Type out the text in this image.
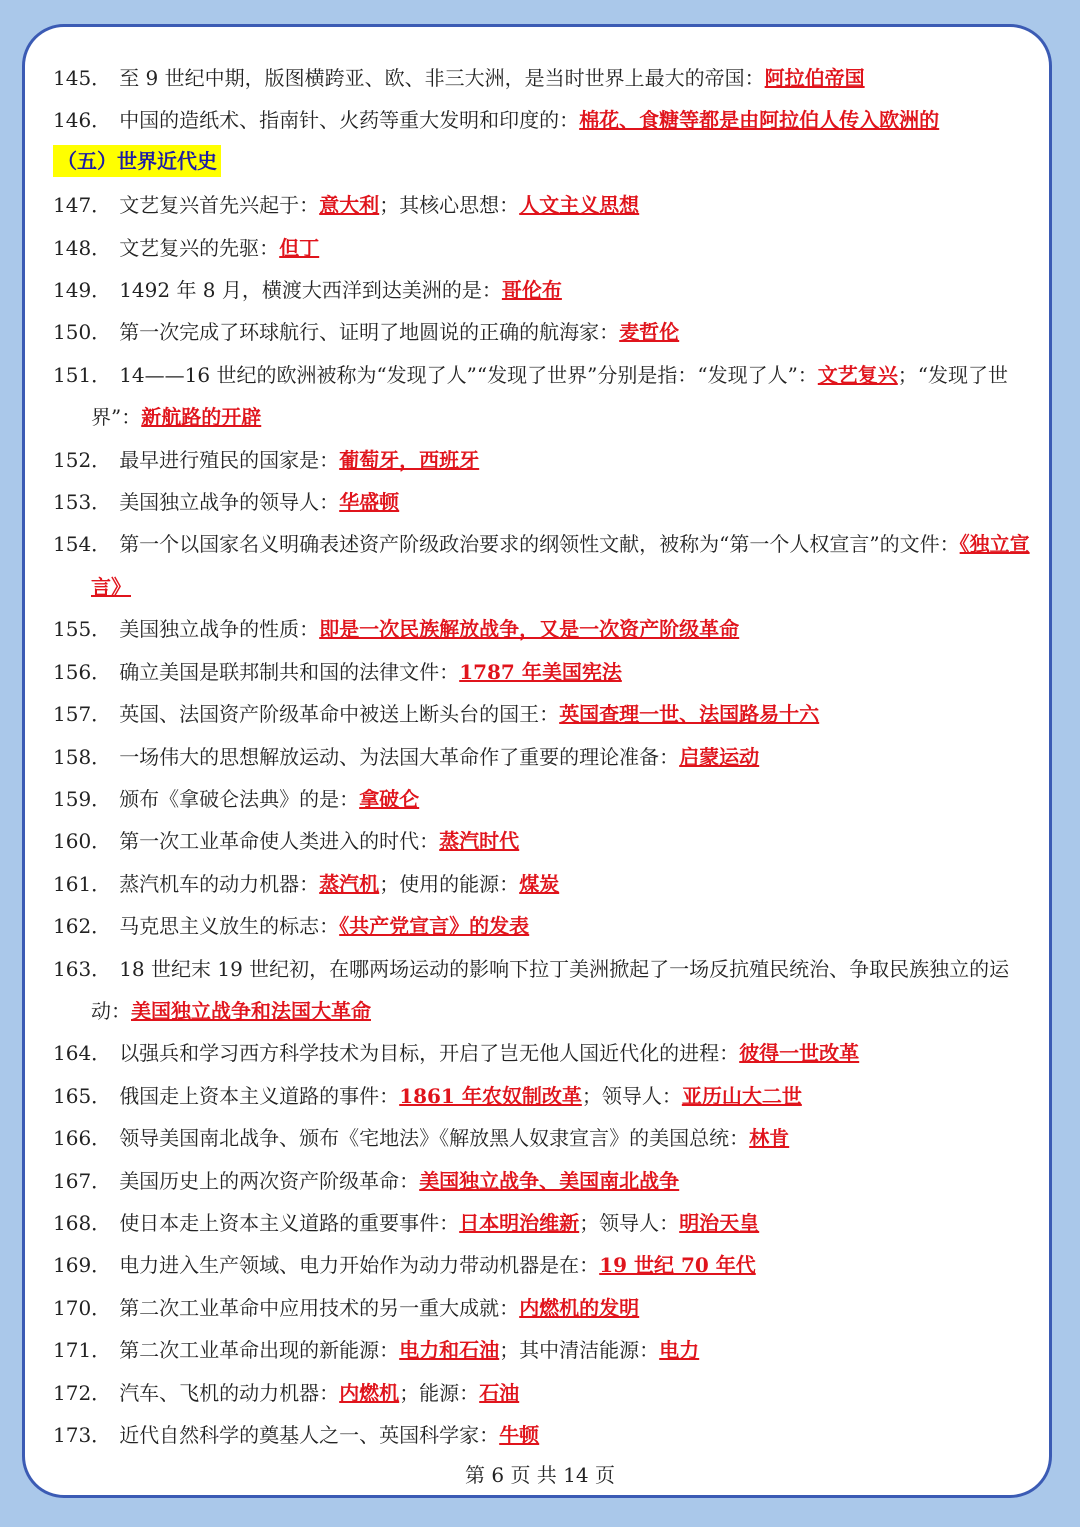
145． 至 9 世纪中期，版图横跨亚、欧、非三大洲，是当时世界上最大的帝国：阿拉伯帝国
146． 中国的造纸术、指南针、火药等重大发明和印度的：棉花、食糖等都是由阿拉伯人传入欧洲的
（五）世界近代史
147． 文艺复兴首先兴起于：意大利；其核心思想：人文主义思想
148． 文艺复兴的先驱：但丁
149． 1492 年 8 月，横渡大西洋到达美洲的是：哥伦布
150． 第一次完成了环球航行、证明了地圆说的正确的航海家：麦哲伦
151． 14——16 世纪的欧洲被称为“发现了人”“发现了世界”分别是指：“发现了人”：文艺复兴；“发现了世界”：新航路的开辟
152． 最早进行殖民的国家是：葡萄牙，西班牙
153． 美国独立战争的领导人：华盛顿
154． 第一个以国家名义明确表述资产阶级政治要求的纲领性文献，被称为“第一个人权宣言”的文件：《独立宣言》
155． 美国独立战争的性质：即是一次民族解放战争，又是一次资产阶级革命
156． 确立美国是联邦制共和国的法律文件：1787 年美国宪法
157． 英国、法国资产阶级革命中被送上断头台的国王：英国查理一世、法国路易十六
158． 一场伟大的思想解放运动、为法国大革命作了重要的理论准备：启蒙运动
159． 颁布《拿破仑法典》的是：拿破仑
160． 第一次工业革命使人类进入的时代：蒸汽时代
161． 蒸汽机车的动力机器：蒸汽机；使用的能源：煤炭
162． 马克思主义放生的标志：《共产党宣言》的发表
163． 18 世纪末 19 世纪初，在哪两场运动的影响下拉丁美洲掀起了一场反抗殖民统治、争取民族独立的运动：美国独立战争和法国大革命
164． 以强兵和学习西方科学技术为目标，开启了岂无他人国近代化的进程：彼得一世改革
165． 俄国走上资本主义道路的事件：1861 年农奴制改革；领导人：亚历山大二世
166． 领导美国南北战争、颁布《宅地法》《解放黑人奴隶宣言》的美国总统：林肯
167． 美国历史上的两次资产阶级革命：美国独立战争、美国南北战争
168． 使日本走上资本主义道路的重要事件：日本明治维新；领导人：明治天皇
169． 电力进入生产领域、电力开始作为动力带动机器是在：19 世纪 70 年代
170． 第二次工业革命中应用技术的另一重大成就：内燃机的发明
171． 第二次工业革命出现的新能源：电力和石油；其中清洁能源：电力
172． 汽车、飞机的动力机器：内燃机；能源：石油
173． 近代自然科学的奠基人之一、英国科学家：牛顿
第 6 页 共 14 页
